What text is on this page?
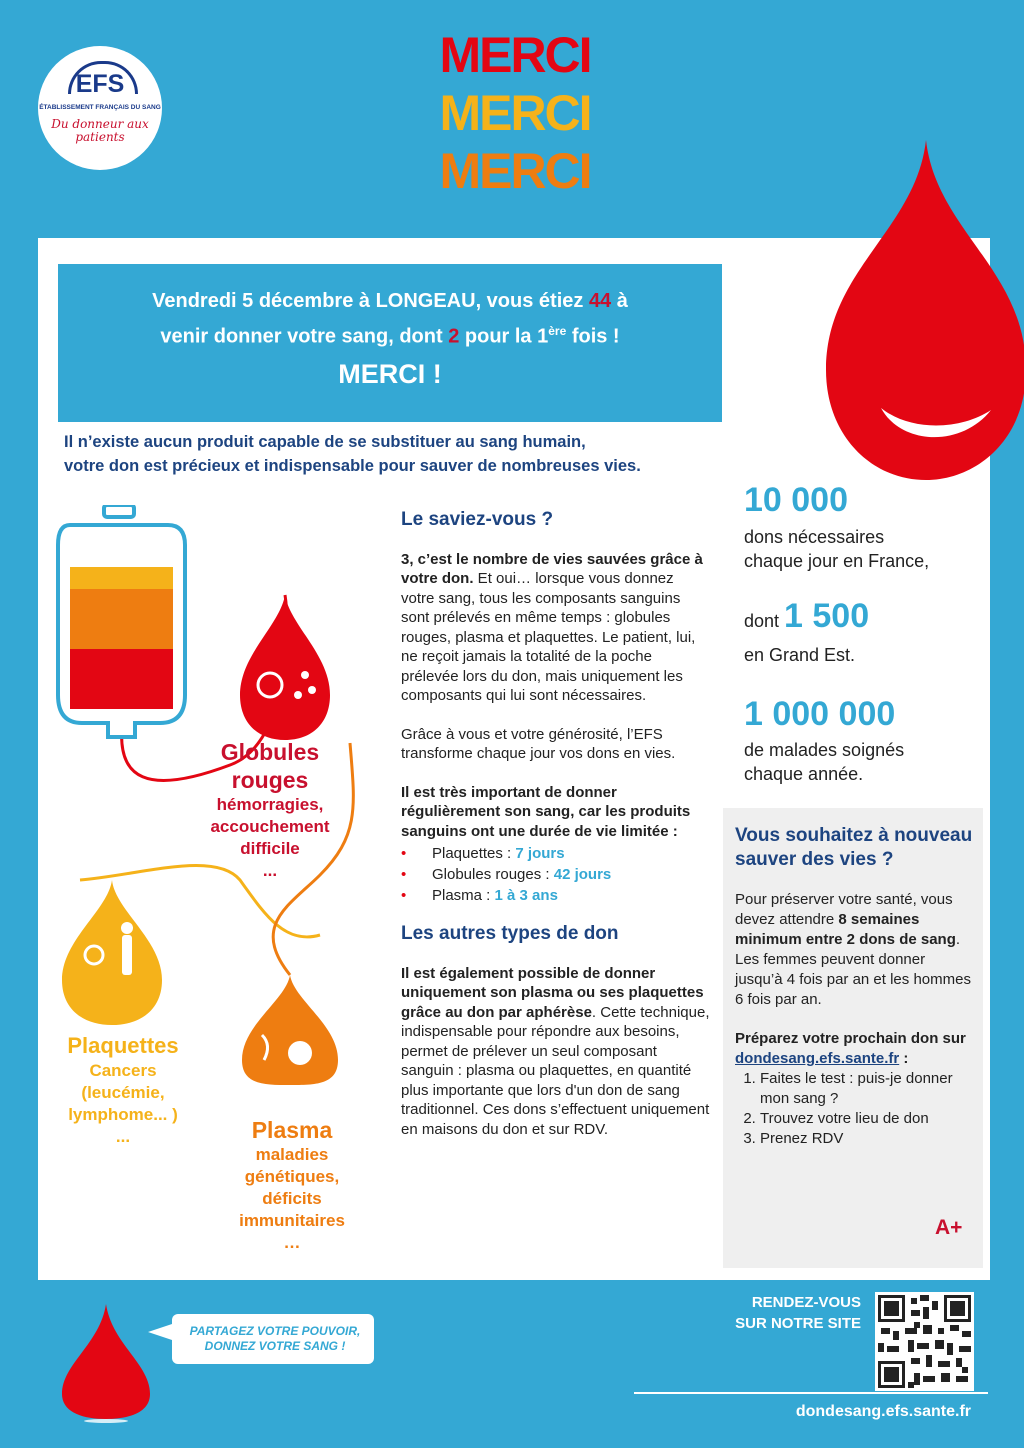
EFS
ÉTABLISSEMENT FRANÇAIS DU SANG
Du donneur aux patients
MERCI
MERCI
MERCI

Vendredi 5 décembre à LONGEAU, vous étiez 44 à
venir donner votre sang, dont 2 pour la 1ère fois !

MERCI !

Il n’existe aucun produit capable de se substituer au sang humain,
votre don est précieux et indispensable pour sauver de nombreuses vies.
Globules rouges
hémorragies, accouchement difficile
...
Plaquettes
Cancers (leucémie, lymphome... )
...	Plasma
maladies génétiques, déficits immunitaires
…
Le saviez-vous ?

3, c’est le nombre de vies sauvées grâce à votre don. Et oui… lorsque vous donnez votre sang, tous les composants sanguins sont prélevés en même temps : globules rouges, plasma et plaquettes. Le patient, lui, ne reçoit jamais la totalité de la poche prélevée lors du don, mais uniquement les composants qui lui sont nécessaires.

Grâce à vous et votre générosité, l’EFS transforme chaque jour vos dons en vies.

Il est très important de donner régulièrement son sang, car les produits sanguins ont une durée de vie limitée :

• Plaquettes : 7 jours
• Globules rouges : 42 jours
• Plasma : 1 à 3 ans
Les autres types de don

Il est également possible de donner uniquement son plasma ou ses plaquettes grâce au don par aphérèse. Cette technique, indispensable pour répondre aux besoins, permet de prélever un seul composant sanguin : plasma ou plaquettes, en quantité plus importante que lors d'un don de sang traditionnel. Ces dons s’effectuent uniquement en maisons du don et sur RDV.

10 000
dons nécessaires
chaque jour en France,
dont 1 500
en Grand Est.
1 000 000
de malades soignés
chaque année.
Vous souhaitez à nouveau sauver des vies ?

Pour préserver votre santé, vous devez attendre 8 semaines minimum entre 2 dons de sang.
Les femmes peuvent donner jusqu’à 4 fois par an et les hommes 6 fois par an.

Préparez votre prochain don sur dondesang.efs.sante.fr :
1. Faites le test : puis-je donner mon sang ?
2. Trouvez votre lieu de don
3. Prenez RDV
A+
PARTAGEZ VOTRE POUVOIR,
DONNEZ VOTRE SANG !
RENDEZ-VOUS
SUR NOTRE SITE
dondesang.efs.sante.fr
